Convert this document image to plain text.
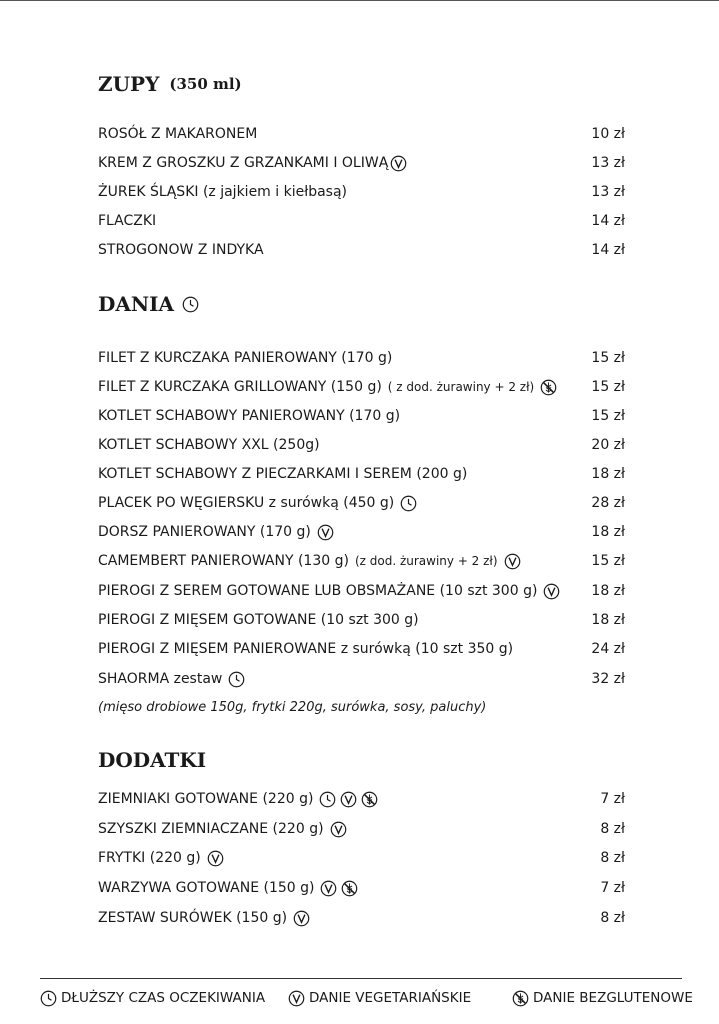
ZUPY (350 ml)
ROSÓŁ Z MAKARONEM	10 zł
KREM Z GROSZKU Z GRZANKAMI I OLIWĄ	13 zł
ŻUREK ŚLĄSKI (z jajkiem i kiełbasą)	13 zł
FLACZKI	14 zł
STROGONOW Z INDYKA	14 zł
DANIA
FILET Z KURCZAKA PANIEROWANY (170 g)	15 zł
FILET Z KURCZAKA GRILLOWANY (150 g) ( z dod. żurawiny + 2 zł)	15 zł
KOTLET SCHABOWY PANIEROWANY (170 g)	15 zł
KOTLET SCHABOWY XXL (250g)	20 zł
KOTLET SCHABOWY Z PIECZARKAMI I SEREM (200 g)	18 zł
PLACEK PO WĘGIERSKU z surówką (450 g)	28 zł
DORSZ PANIEROWANY (170 g)	18 zł
CAMEMBERT PANIEROWANY (130 g) (z dod. żurawiny + 2 zł)	15 zł
PIEROGI Z SEREM GOTOWANE LUB OBSMAŻANE (10 szt 300 g)	18 zł
PIEROGI Z MIĘSEM GOTOWANE (10 szt 300 g)	18 zł
PIEROGI Z MIĘSEM PANIEROWANE z surówką (10 szt 350 g)	24 zł
SHAORMA zestaw	32 zł
(mięso drobiowe 150g, frytki 220g, surówka, sosy, paluchy)
DODATKI
ZIEMNIAKI GOTOWANE (220 g)	7 zł
SZYSZKI ZIEMNIACZANE (220 g)	8 zł
FRYTKI (220 g)	8 zł
WARZYWA GOTOWANE (150 g)	7 zł
ZESTAW SURÓWEK (150 g)	8 zł
DŁUŻSZY CZAS OCZEKIWANIA	DANIE VEGETARIAŃSKIE	DANIE BEZGLUTENOWE
